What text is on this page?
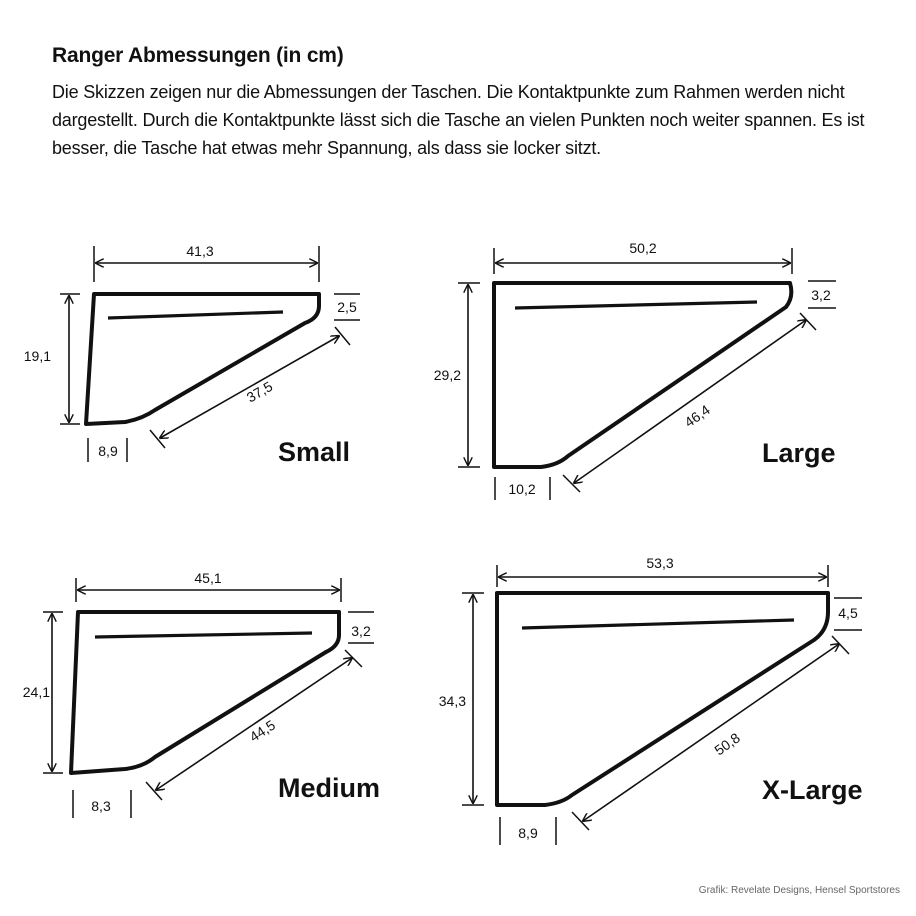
Ranger Abmessungen (in cm)

Die Skizzen zeigen nur die Abmessungen der Taschen. Die Kontaktpunkte zum Rahmen werden nicht dargestellt. Durch die Kontaktpunkte lässt sich die Tasche an vielen Punkten noch weiter spannen. Es ist besser, die Tasche hat etwas mehr Spannung, als dass sie locker sitzt.

41,3
19,1
2,5
37,5
8,9	Small
50,2
29,2
3,2
46,4
10,2
Large
45,1
24,1
3,2
44,5
8,3
Medium
53,3
34,3
4,5
50,8
8,9
X-Large
Grafik: Revelate Designs, Hensel Sportstores
